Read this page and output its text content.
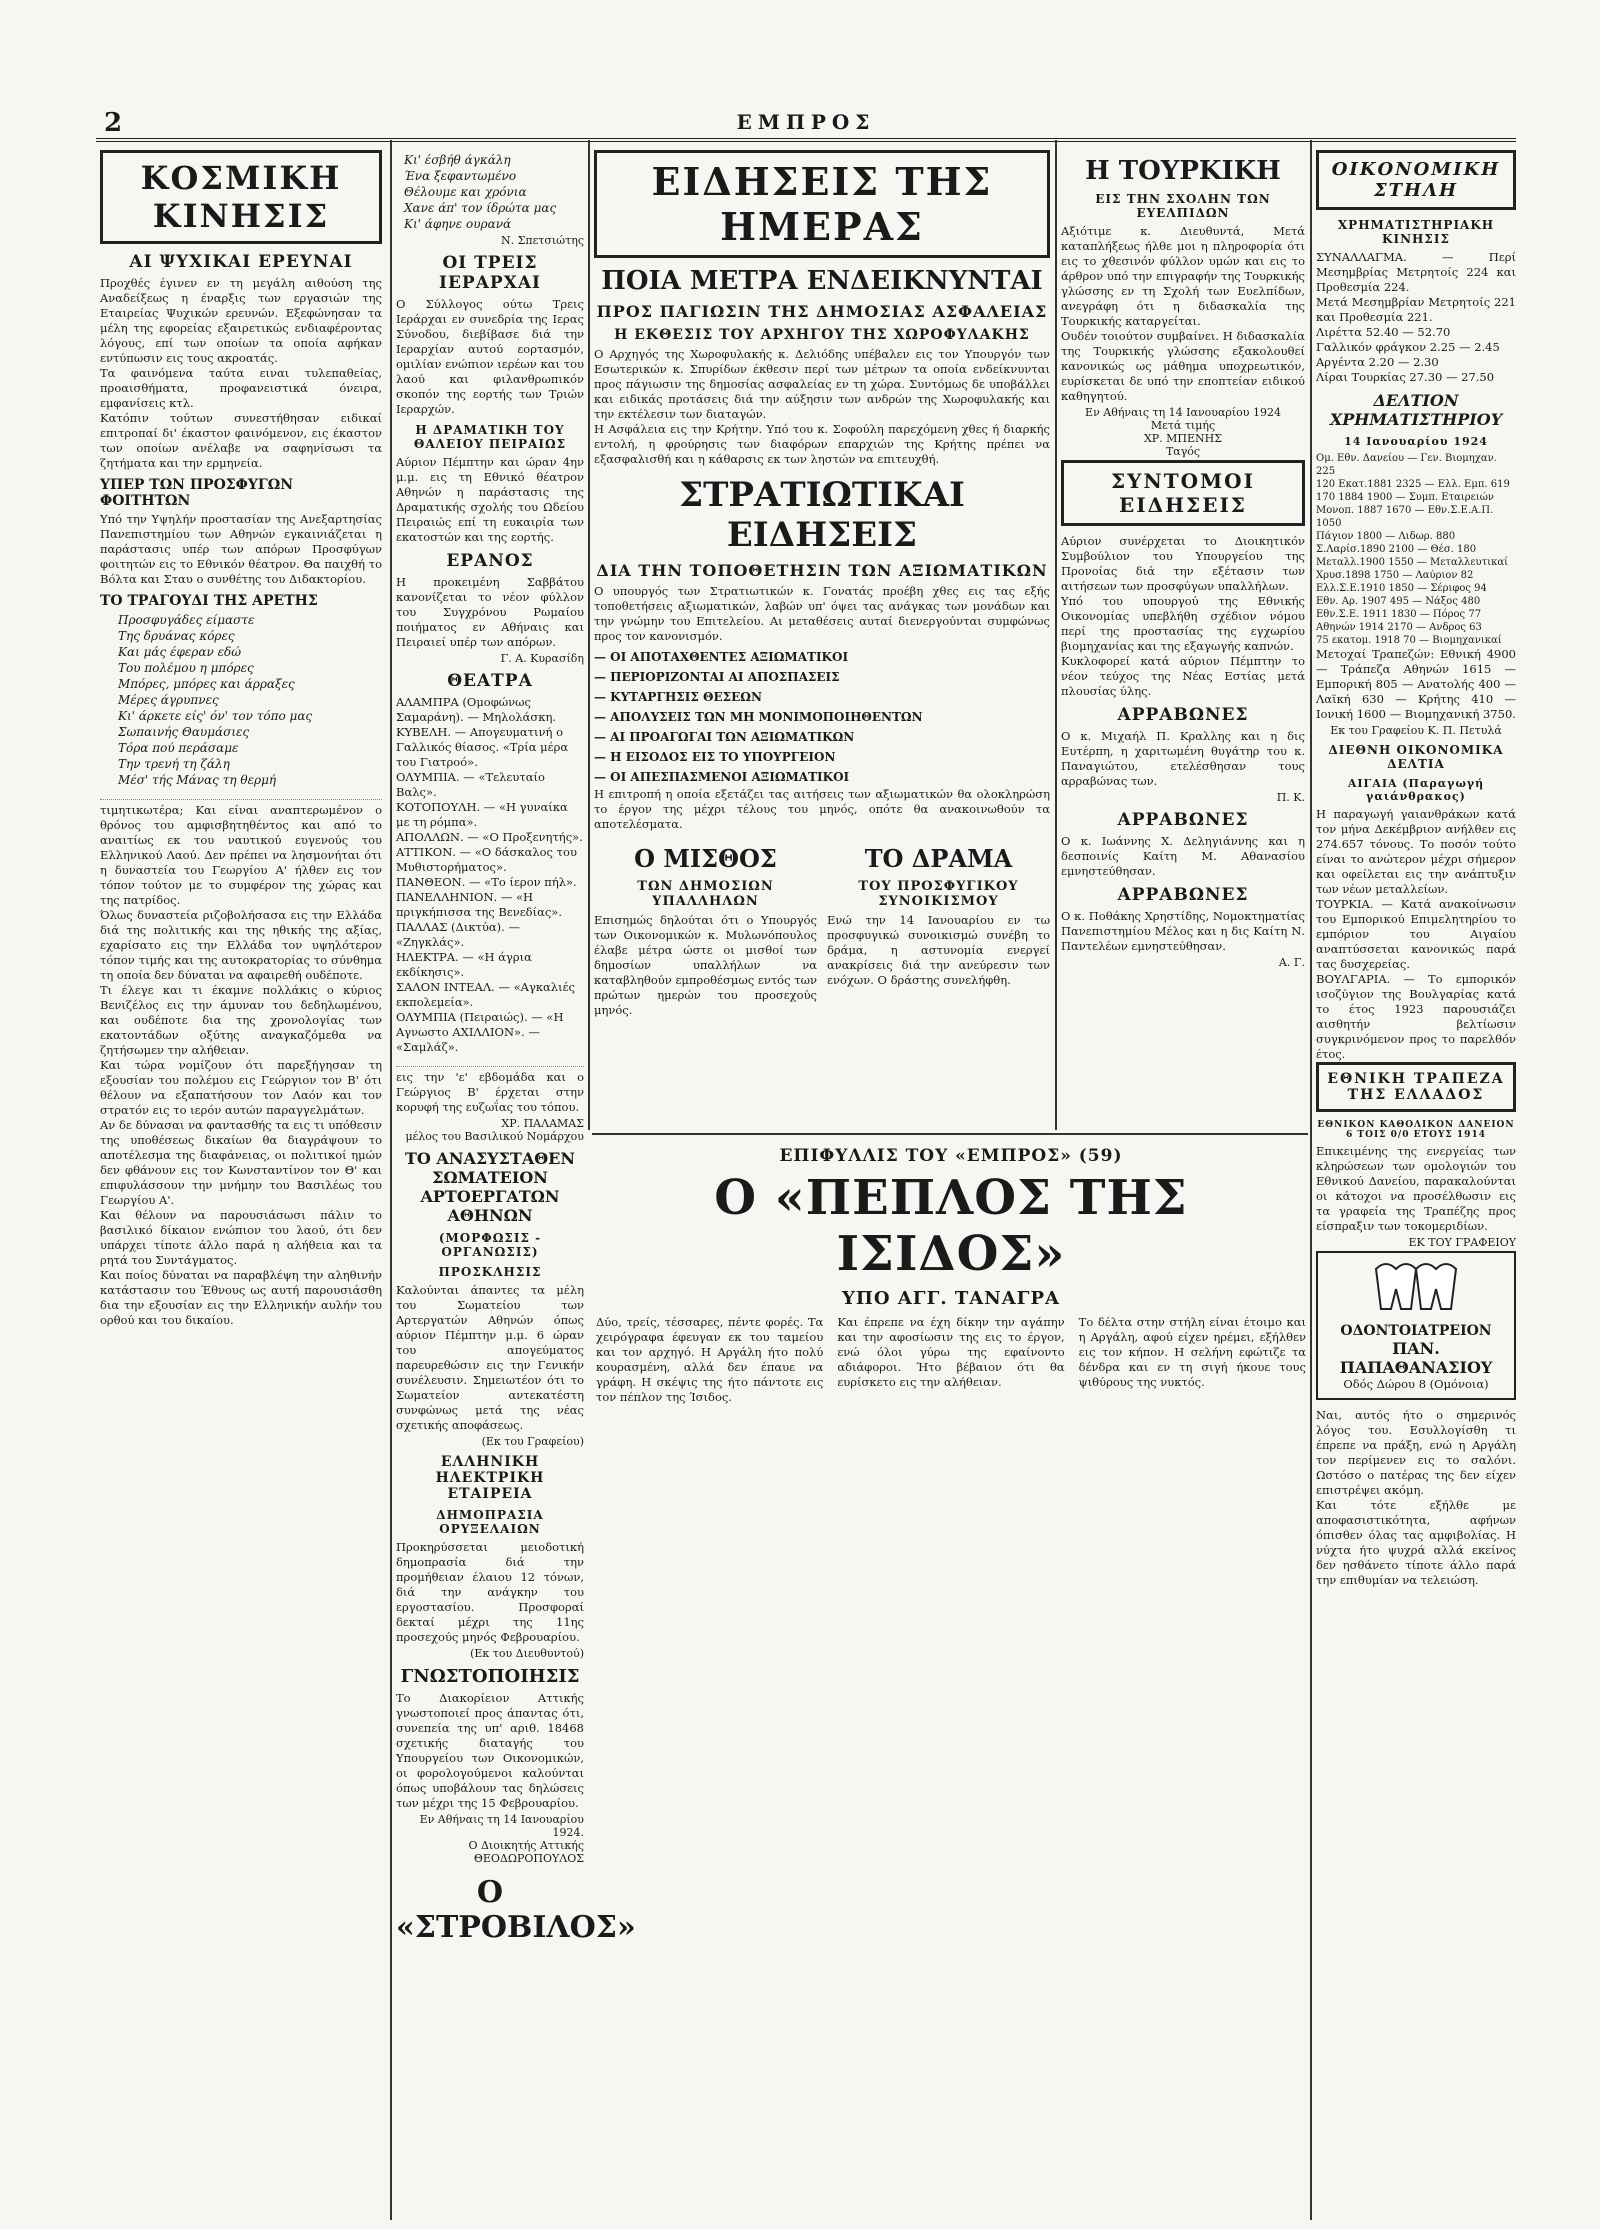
2	ΕΜΠΡΟΣ
ΚΟΣΜΙΚΗ ΚΙΝΗΣΙΣ
ΑΙ ΨΥΧΙΚΑΙ ΕΡΕΥΝΑΙ

Προχθές έγινεν εν τη μεγάλη αιθούση της Αναδείξεως η έναρξις των εργασιών της Εταιρείας Ψυχικών ερευνών. Εξεφώνησαν τα μέλη της εφορείας εξαιρετικώς ενδιαφέροντας λόγους, επί των οποίων τα οποία αφήκαν εντύπωσιν εις τους ακροατάς.

Τα φαινόμενα ταύτα ειναι τυλεπαθείας, προαισθήματα, προφανειστικά όνειρα, εμφανίσεις κτλ.

Κατόπιν τούτων συνεστήθησαν ειδικαί επιτροπαί δι' έκαστον φαινόμενον, εις έκαστον των οποίων ανέλαβε να σαφηνίσωσι τα ζητήματα και την ερμηνεία.

ΥΠΕΡ ΤΩΝ ΠΡΟΣΦΥΓΩΝ ΦΟΙΤΗΤΩΝ

Υπό την Υψηλήν προστασίαν της Ανεξαρτησίας Πανεπιστημίου των Αθηνών εγκαινιάζεται η παράστασις υπέρ των απόρων Προσφύγων φοιτητών εις το Εθνικόν θέατρον. Θα παιχθή το Βόλτα και Σταυ ο συνθέτης του Διδακτορίου.

ΤΟ ΤΡΑΓΟΥΔΙ ΤΗΣ ΑΡΕΤΗΣ
Προσφυγάδες είμαστε
Της δρυάνας κόρες
Και μάς έφεραν εδώ
Του πολέμου η μπόρες
Μπόρες, μπόρες και άρραξες
Μέρες άγρυπνες
Κι' άρκετε είς' όν' τον τόπο μας
Σωπαινής Θαυμάσιες
Τόρα πού περάσαμε
Την τρενή τη ζάλη
Μέσ' τής Μάνας τη θερμή

τιμητικωτέρα; Και είναι αναπτερωμένον ο θρόνος του αμφισβητηθέντος και από το αναιτίως εκ του ναυτικού ευγενούς του Ελληνικού Λαού. Δεν πρέπει να λησμονήται ότι η δυναστεία του Γεωργίου Α' ήλθεν εις τον τόπον τούτον με το συμφέρον της χώρας και της πατρίδος.

Όλως δυναστεία ριζοβολήσασα εις την Ελλάδα διά της πολιτικής και της ηθικής της αξίας, εχαρίσατο εις την Ελλάδα τον υψηλότερον τόπον τιμής και της αυτοκρατορίας το σύνθημα τη οποία δεν δύναται να αφαιρεθή ουδέποτε.

Τι έλεγε και τι έκαμνε πολλάκις ο κύριος Βενιζέλος εις την άμυναν του δεδηλωμένου, και ουδέποτε δια της χρονολογίας των εκατοντάδων οξύτης αναγκαζόμεθα να ζητήσωμεν την αλήθειαν.

Και τώρα νομίζουν ότι παρεξήγησαν τη εξουσίαν του πολέμου εις Γεώργιον τον Β' ότι θέλουν να εξαπατήσουν τον Λαόν και τον στρατόν εις το ιερόν αυτών παραγγελμάτων.

Αν δε δύνασαι να φαντασθής τα εις τι υπόθεσιν της υποθέσεως δικαίων θα διαγράψουν το αποτέλεσμα της διαφάνειας, οι πολιτικοί ημών δεν φθάνουν εις τον Κωνσταντίνον τον Θ' και επιφυλάσσουν την μνήμην του Βασιλέως του Γεωργίου Α'.

Και θέλουν να παρουσιάσωσι πάλιν το βασιλικό δίκαιον ενώπιον του λαού, ότι δεν υπάρχει τίποτε άλλο παρά η αλήθεια και τα ρητά του Συντάγματος.

Και ποίος δύναται να παραβλέψη την αληθινήν κατάστασιν του Έθνους ως αυτή παρουσιάσθη δια την εξουσίαν εις την Ελληνικήν αυλήν του ορθού και του δικαίου.

Κι' έσβήθ άγκάλη
Ένα ξεφαντωμένο
Θέλουμε και χρόνια
Χανε άπ' τον ίδρώτα μας
Κι' άφηνε ουρανά
Ν. Σπετσιώτης
ΟΙ ΤΡΕΙΣ ΙΕΡΑΡΧΑΙ

Ο Σύλλογος ούτω Τρεις Ιεράρχαι εν συνεδρία της Ιερας Σύνοδου, διεβίβασε διά την Ιεραρχίαν αυτού εορτασμόν, ομιλίαν ενώπιον ιερέων και του λαού και φιλανθρωπικόν σκοπόν της εορτής των Τριών Ιεραρχών.

Η ΔΡΑΜΑΤΙΚΗ ΤΟΥ ΘΑΛΕΙΟΥ ΠΕΙΡΑΙΩΣ

Αύριον Πέμπτην και ώραν 4ην μ.μ. εις τη Εθνικό θέατρον Αθηνών η παράστασις της Δραματικής σχολής του Ωδείου Πειραιώς επί τη ευκαιρία των εκατοστών και της εορτής.

ΕΡΑΝΟΣ

Η προκειμένη Σαββάτου κανονίζεται το νέον φύλλον του Συγχρόνου Ρωμαίου ποιήματος εν Αθήναις και Πειραιεί υπέρ των απόρων.

Γ. Α. Κυρασίδη
ΘΕΑΤΡΑ

ΑΛΑΜΠΡΑ (Ομοφώνως Σαμαράνη). — Μηλολάσκη.
ΚΥΒΕΛΗ. — Απογευματινή ο Γαλλικός θίασος. «Τρία μέρα του Γιατροό».
ΟΛΥΜΠΙΑ. — «Τελευταίο Βαλς».
ΚΟΤΟΠΟΥΛΗ. — «Η γυναίκα με τη ρόμπα».
ΑΠΟΛΛΩΝ. — «Ο Προξενητής».
ΑΤΤΙΚΟΝ. — «Ο δάσκαλος του Μυθιστορήματος».
ΠΑΝΘΕΟΝ. — «Το ίερον πήλ».
ΠΑΝΕΛΛΗΝΙΟΝ. — «Η πριγκήπισσα της Βενεδίας».
ΠΑΛΛΑΣ (Δικτύα). — «Ζηγκλάς».
ΗΛΕΚΤΡΑ. — «Η άγρια εκδίκησις».
ΣΑΛΟΝ ΙΝΤΕΑΛ. — «Αγκαλιές εκπολεμεία».
ΟΛΥΜΠΙΑ (Πειραιώς). — «Η Αγνωστο ΑΧΙΛΛΙΟΝ». — «Σαμλάζ».

εις την 'ε' εβδομάδα και ο Γεώργιος Β' έρχεται στην κορυφή της ευζωΐας του τόπου.

ΧΡ. ΠΑΛΑΜΑΣ
μέλος του Βασιλικού Νομάρχου
ΤΟ ΑΝΑΣΥΣΤΑΘΕΝ ΣΩΜΑΤΕΙΟΝ ΑΡΤΟΕΡΓΑΤΩΝ ΑΘΗΝΩΝ
(ΜΟΡΦΩΣΙΣ - ΟΡΓΑΝΩΣΙΣ)
ΠΡΟΣΚΛΗΣΙΣ

Καλούνται άπαντες τα μέλη του Σωματείου των Αρτεργατών Αθηνών όπως αύριον Πέμπτην μ.μ. 6 ώραν του απογεύματος παρευρεθώσιν εις την Γενικήν συνέλευσιν. Σημειωτέον ότι το Σωματείον αντεκατέστη συνφώνως μετά της νέας σχετικής αποφάσεως.

(Εκ του Γραφείου)
ΕΛΛΗΝΙΚΗ ΗΛΕΚΤΡΙΚΗ ΕΤΑΙΡΕΙΑ
ΔΗΜΟΠΡΑΣΙΑ ΟΡΥΞΕΛΑΙΩΝ

Προκηρύσσεται μειοδοτική δημοπρασία διά την προμήθειαν έλαιου 12 τόνων, διά την ανάγκην του εργοστασίου. Προσφοραί δεκταί μέχρι της 11ης προσεχούς μηνός Φεβρουαρίου.

(Εκ του Διευθυντού)
ΓΝΩΣΤΟΠΟΙΗΣΙΣ

Το Διακορίειον Αττικής γνωστοποιεί προς άπαντας ότι, συνεπεία της υπ' αριθ. 18468 σχετικής διαταγής του Υπουργείου των Οικονομικών, οι φορολογούμενοι καλούνται όπως υποβάλουν τας δηλώσεις των μέχρι της 15 Φεβρουαρίου.

Εν Αθήναις τη 14 Ιανουαρίου 1924.
Ο Διοικητής Αττικής
ΘΕΟΔΩΡΟΠΟΥΛΟΣ
Ο «ΣΤΡΟΒΙΛΟΣ»
ΕΙΔΗΣΕΙΣ ΤΗΣ ΗΜΕΡΑΣ
ΠΟΙΑ ΜΕΤΡΑ ΕΝΔΕΙΚΝΥΝΤΑΙ
ΠΡΟΣ ΠΑΓΙΩΣΙΝ ΤΗΣ ΔΗΜΟΣΙΑΣ ΑΣΦΑΛΕΙΑΣ
Η ΕΚΘΕΣΙΣ ΤΟΥ ΑΡΧΗΓΟΥ ΤΗΣ ΧΩΡΟΦΥΛΑΚΗΣ

Ο Αρχηγός της Χωροφυλακής κ. Δελιόδης υπέβαλεν εις τον Υπουργόν των Εσωτερικών κ. Σπυρίδων έκθεσιν περί των μέτρων τα οποία ενδείκνυνται προς πάγιωσιν της δημοσίας ασφαλείας εν τη χώρα. Συντόμως δε υποβάλλει και ειδικάς προτάσεις διά την αύξησιν των ανδρών της Χωροφυλακής και την εκτέλεσιν των διαταγών.

Η Ασφάλεια εις την Κρήτην. Υπό του κ. Σοφούλη παρεχόμενη χθες ή διαρκής εντολή, η φρούρησις των διαφόρων επαρχιών της Κρήτης πρέπει να εξασφαλισθή και η κάθαρσις εκ των ληστών να επιτευχθή.

ΣΤΡΑΤΙΩΤΙΚΑΙ ΕΙΔΗΣΕΙΣ
ΔΙΑ ΤΗΝ ΤΟΠΟΘΕΤΗΣΙΝ ΤΩΝ ΑΞΙΩΜΑΤΙΚΩΝ

Ο υπουργός των Στρατιωτικών κ. Γονατάς προέβη χθες εις τας εξής τοποθετήσεις αξιωματικών, λαβών υπ' όψει τας ανάγκας των μονάδων και την γνώμην του Επιτελείου. Αι μεταθέσεις αυταί διενεργούνται συμφώνως προς τον κανονισμόν.

— ΟΙ ΑΠΟΤΑΧΘΕΝΤΕΣ ΑΞΙΩΜΑΤΙΚΟΙ
— ΠΕΡΙΟΡΙΖΟΝΤΑΙ ΑΙ ΑΠΟΣΠΑΣΕΙΣ
— ΚΥΤΑΡΓΗΣΙΣ ΘΕΣΕΩΝ
— ΑΠΟΛΥΣΕΙΣ ΤΩΝ ΜΗ ΜΟΝΙΜΟΠΟΙΗΘΕΝΤΩΝ
— ΑΙ ΠΡΟΑΓΩΓΑΙ ΤΩΝ ΑΞΙΩΜΑΤΙΚΩΝ
— Η ΕΙΣΟΔΟΣ ΕΙΣ ΤΟ ΥΠΟΥΡΓΕΙΟΝ
— ΟΙ ΑΠΕΣΠΑΣΜΕΝΟΙ ΑΞΙΩΜΑΤΙΚΟΙ

Η επιτροπή η οποία εξετάζει τας αιτήσεις των αξιωματικών θα ολοκληρώση το έργον της μέχρι τέλους του μηνός, οπότε θα ανακοινωθούν τα αποτελέσματα.

Ο ΜΙΣΘΟΣ
ΤΩΝ ΔΗΜΟΣΙΩΝ ΥΠΑΛΛΗΛΩΝ

Επισημώς δηλούται ότι ο Υπουργός των Οικονομικών κ. Μυλωνόπουλος έλαβε μέτρα ώστε οι μισθοί των δημοσίων υπαλλήλων να καταβληθούν εμπροθέσμως εντός των πρώτων ημερών του προσεχούς μηνός.

ΤΟ ΔΡΑΜΑ
ΤΟΥ ΠΡΟΣΦΥΓΙΚΟΥ ΣΥΝΟΙΚΙΣΜΟΥ

Ενώ την 14 Ιανουαρίου εν τω προσφυγικώ συνοικισμώ συνέβη το δράμα, η αστυνομία ενεργεί ανακρίσεις διά την ανεύρεσιν των ενόχων. Ο δράστης συνελήφθη.

Η ΤΟΥΡΚΙΚΗ
ΕΙΣ ΤΗΝ ΣΧΟΛΗΝ ΤΩΝ ΕΥΕΛΠΙΔΩΝ

Αξιότιμε κ. Διευθυντά, Μετά καταπλήξεως ήλθε μοι η πληροφορία ότι εις το χθεσινόν φύλλον υμών και εις το άρθρον υπό την επιγραφήν της Τουρκικής γλώσσης εν τη Σχολή των Ευελπίδων, ανεγράφη ότι η διδασκαλία της Τουρκικής καταργείται.

Ουδέν τοιούτον συμβαίνει. Η διδασκαλία της Τουρκικής γλώσσης εξακολουθεί κανονικώς ως μάθημα υποχρεωτικόν, ευρίσκεται δε υπό την εποπτείαν ειδικού καθηγητού.

Εν Αθήναις τη 14 Ιανουαρίου 1924
Μετά τιμής
ΧΡ. ΜΠΕΝΗΣ
Ταγός
ΣΥΝΤΟΜΟΙ ΕΙΔΗΣΕΙΣ

Αύριον συνέρχεται το Διοικητικόν Συμβούλιον του Υπουργείου της Προνοίας διά την εξέτασιν των αιτήσεων των προσφύγων υπαλλήλων.

Υπό του υπουργού της Εθνικής Οικονομίας υπεβλήθη σχέδιον νόμου περί της προστασίας της εγχωρίου βιομηχανίας και της εξαγωγής καπνών.

Κυκλοφορεί κατά αύριον Πέμπτην το νέον τεύχος της Νέας Εστίας μετά πλουσίας ύλης.

ΑΡΡΑΒΩΝΕΣ

Ο κ. Μιχαήλ Π. Κραλλης και η δις Ευτέρπη, η χαριτωμένη θυγάτηρ του κ. Παναγιώτου, ετελέσθησαν τους αρραβώνας των.

Π. Κ.
ΑΡΡΑΒΩΝΕΣ

Ο κ. Ιωάννης Χ. Δεληγιάννης και η δεσποινίς Καίτη Μ. Αθανασίου εμνηστεύθησαν.

ΑΡΡΑΒΩΝΕΣ

Ο κ. Ποθάκης Χρηστίδης, Νομοκτηματίας Πανεπιστημίου Μέλος και η δις Καίτη Ν. Παντελέων εμνηστεύθησαν.

Α. Γ.
ΕΠΙΦΥΛΛΙΣ ΤΟΥ «ΕΜΠΡΟΣ» (59)
Ο «ΠΕΠΛΟΣ ΤΗΣ ΙΣΙΔΟΣ»
ΥΠΟ ΑΓΓ. ΤΑΝΑΓΡΑ

Δύο, τρείς, τέσσαρες, πέντε φορές. Τα χειρόγραφα έφευγαν εκ του ταμείου και τον αρχηγό. Η Αργάλη ήτο πολύ κουρασμένη, αλλά δεν έπαυε να γράφη. Η σκέψις της ήτο πάντοτε εις τον πέπλον της Ίσιδος.

Και έπρεπε να έχη δίκην την αγάπην και την αφοσίωσιν της εις το έργον, ενώ όλοι γύρω της εφαίνοντο αδιάφοροι. Ήτο βέβαιον ότι θα ευρίσκετο εις την αλήθειαν.

Το δέλτα στην στήλη είναι έτοιμο και η Αργάλη, αφού είχεν ηρέμει, εξήλθεν εις τον κήπον. Η σελήνη εφώτιζε τα δένδρα και εν τη σιγή ήκουε τους ψιθύρους της νυκτός.

ΟΙΚΟΝΟΜΙΚΗ ΣΤΗΛΗ
ΧΡΗΜΑΤΙΣΤΗΡΙΑΚΗ ΚΙΝΗΣΙΣ

ΣΥΝΑΛΛΑΓΜΑ. — Περί Μεσημβρίας Μετρητοίς 224 και Προθεσμία 224.
Μετά Μεσημβρίαν Μετρητοίς 221 και Προθεσμία 221.

Λιρέττα 52.40 — 52.70
Γαλλικόν φράγκον 2.25 — 2.45
Αργέντα 2.20 — 2.30
Λίραι Τουρκίας 27.30 — 27.50

ΔΕΛΤΙΟΝ ΧΡΗΜΑΤΙΣΤΗΡΙΟΥ
14 Ιανουαρίου 1924

Ομ. Εθν. Δανείου — Γεν. Βιομηχαν. 225
120 Εκατ.1881 2325 — Ελλ. Εμπ. 619
170 1884 1900 — Συμπ. Εταιρειών
Μονοπ. 1887 1670 — Εθν.Σ.Ε.Α.Π. 1050
Πάγιον 1800 — Λιδωρ. 880
Σ.Λαρίσ.1890 2100 — Θέσ. 180
Μεταλλ.1900 1550 — Μεταλλευτικαί
Χρυσ.1898 1750 — Λαύριον 82
Ελλ.Σ.Ε.1910 1850 — Σέριφος 94
Εθν. Αρ. 1907 495 — Νάξος 480
Εθν.Σ.Ε. 1911 1830 — Πόρος 77
Αθηνών 1914 2170 — Ανδρος 63
75 εκατομ. 1918 70 — Βιομηχανικαί

Μετοχαί Τραπεζών: Εθνική 4900 — Τράπεζα Αθηνών 1615 — Εμπορική 805 — Ανατολής 400 — Λαϊκή 630 — Κρήτης 410 — Ιονική 1600 — Βιομηχανική 3750.

Εκ του Γραφείου Κ. Π. Πετυλά
ΔΙΕΘΝΗ ΟΙΚΟΝΟΜΙΚΑ ΔΕΛΤΙΑ
ΑΙΓΑΙΑ (Παραγωγή γαιάνθρακος)

Η παραγωγή γαιανθράκων κατά τον μήνα Δεκέμβριον ανήλθεν εις 274.657 τόνους. Το ποσόν τούτο είναι το ανώτερον μέχρι σήμερον και οφείλεται εις την ανάπτυξιν των νέων μεταλλείων.

ΤΟΥΡΚΙΑ. — Κατά ανακοίνωσιν του Εμπορικού Επιμελητηρίου το εμπόριον του Αιγαίου αναπτύσσεται κανονικώς παρά τας δυσχερείας.

ΒΟΥΛΓΑΡΙΑ. — Το εμπορικόν ισοζύγιον της Βουλγαρίας κατά το έτος 1923 παρουσιάζει αισθητήν βελτίωσιν συγκρινόμενον προς το παρελθόν έτος.

ΕΘΝΙΚΗ ΤΡΑΠΕΖΑ ΤΗΣ ΕΛΛΑΔΟΣ
ΕΘΝΙΚΟΝ ΚΑΘΟΛΙΚΟΝ ΔΑΝΕΙΟΝ 6 ΤΟΙΣ 0/0 ΕΤΟΥΣ 1914

Επικειμένης της ενεργείας των κληρώσεων των ομολογιών του Εθνικού Δανείου, παρακαλούνται οι κάτοχοι να προσέλθωσιν εις τα γραφεία της Τραπέζης προς είσπραξιν των τοκομεριδίων.

ΕΚ ΤΟΥ ΓΡΑΦΕΙΟΥ
ΟΔΟΝΤΟΙΑΤΡΕΙΟΝ
ΠΑΝ. ΠΑΠΑΘΑΝΑΣΙΟΥ
Οδός Δώρου 8 (Ομόνοια)

Ναι, αυτός ήτο ο σημερινός λόγος του. Εσυλλογίσθη τι έπρεπε να πράξη, ενώ η Αργάλη τον περίμενεν εις το σαλόνι. Ωστόσο ο πατέρας της δεν είχεν επιστρέψει ακόμη.

Και τότε εξήλθε με αποφασιστικότητα, αφήνων όπισθεν όλας τας αμφιβολίας. Η νύχτα ήτο ψυχρά αλλά εκείνος δεν ησθάνετο τίποτε άλλο παρά την επιθυμίαν να τελειώση.
